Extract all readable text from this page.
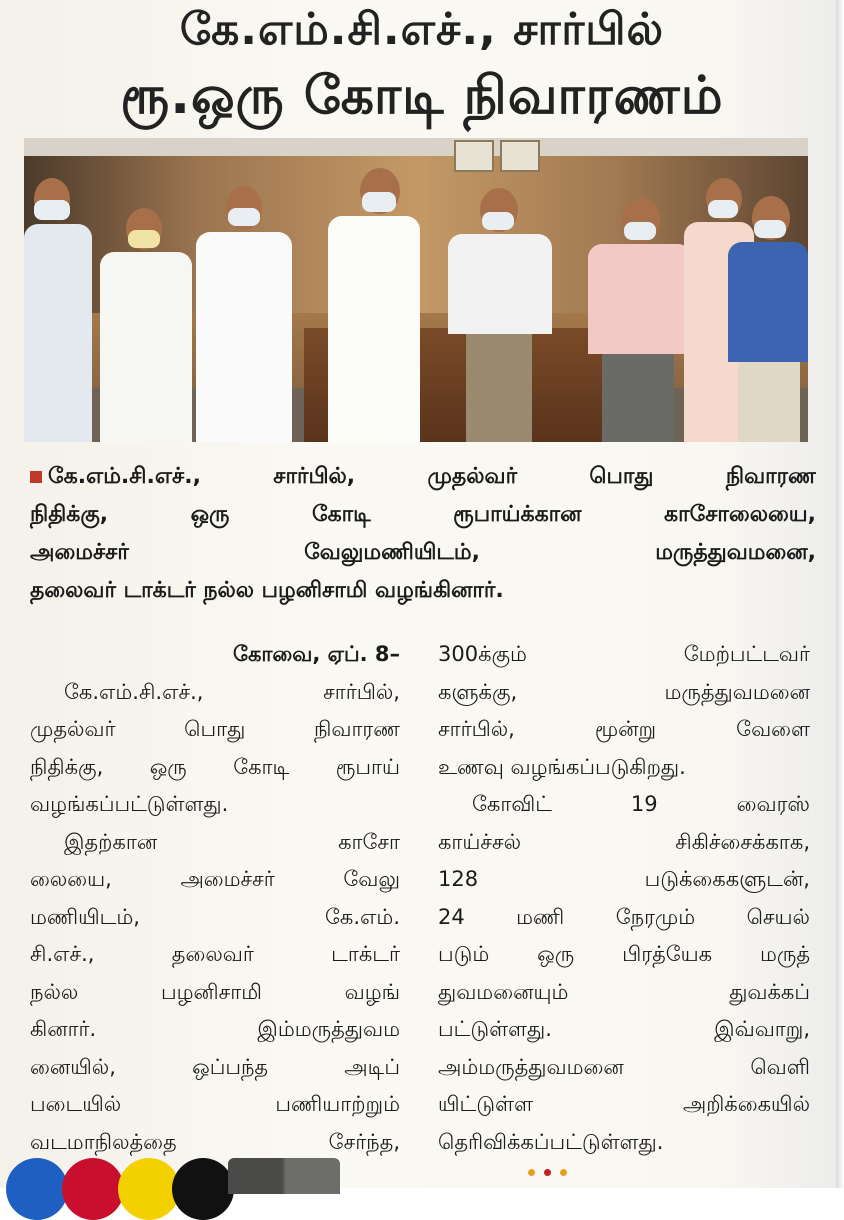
கே.எம்.சி.எச்., சார்பில்
ரூ.ஒரு கோடி நிவாரணம்
கே.எம்.சி.எச்., சார்பில், முதல்வர் பொது நிவாரண
நிதிக்கு, ஒரு கோடி ரூபாய்க்கான காசோலையை,
அமைச்சர் வேலுமணியிடம், மருத்துவமனை,
தலைவர் டாக்டர் நல்ல பழனிசாமி வழங்கினார்.
கோவை, ஏப். 8–
கே.எம்.சி.எச்., சார்பில்,
முதல்வர் பொது நிவாரண
நிதிக்கு, ஒரு கோடி ரூபாய்
வழங்கப்பட்டுள்ளது.
இதற்கான காசோ
லையை, அமைச்சர் வேலு
மணியிடம், கே.எம்.
சி.எச்., தலைவர் டாக்டர்
நல்ல பழனிசாமி வழங்
கினார். இம்மருத்துவம
னையில், ஒப்பந்த அடிப்
படையில் பணியாற்றும்
வடமாநிலத்தை சேர்ந்த,
300க்கும் மேற்பட்டவர்
களுக்கு, மருத்துவமனை
சார்பில், மூன்று வேளை
உணவு வழங்கப்படுகிறது.
கோவிட் 19 வைரஸ்
காய்ச்சல் சிகிச்சைக்காக,
128 படுக்கைகளுடன்,
24 மணி நேரமும் செயல்
படும் ஒரு பிரத்யேக மருத்
துவமனையும் துவக்கப்
பட்டுள்ளது. இவ்வாறு,
அம்மருத்துவமனை வெளி
யிட்டுள்ள அறிக்கையில்
தெரிவிக்கப்பட்டுள்ளது.
